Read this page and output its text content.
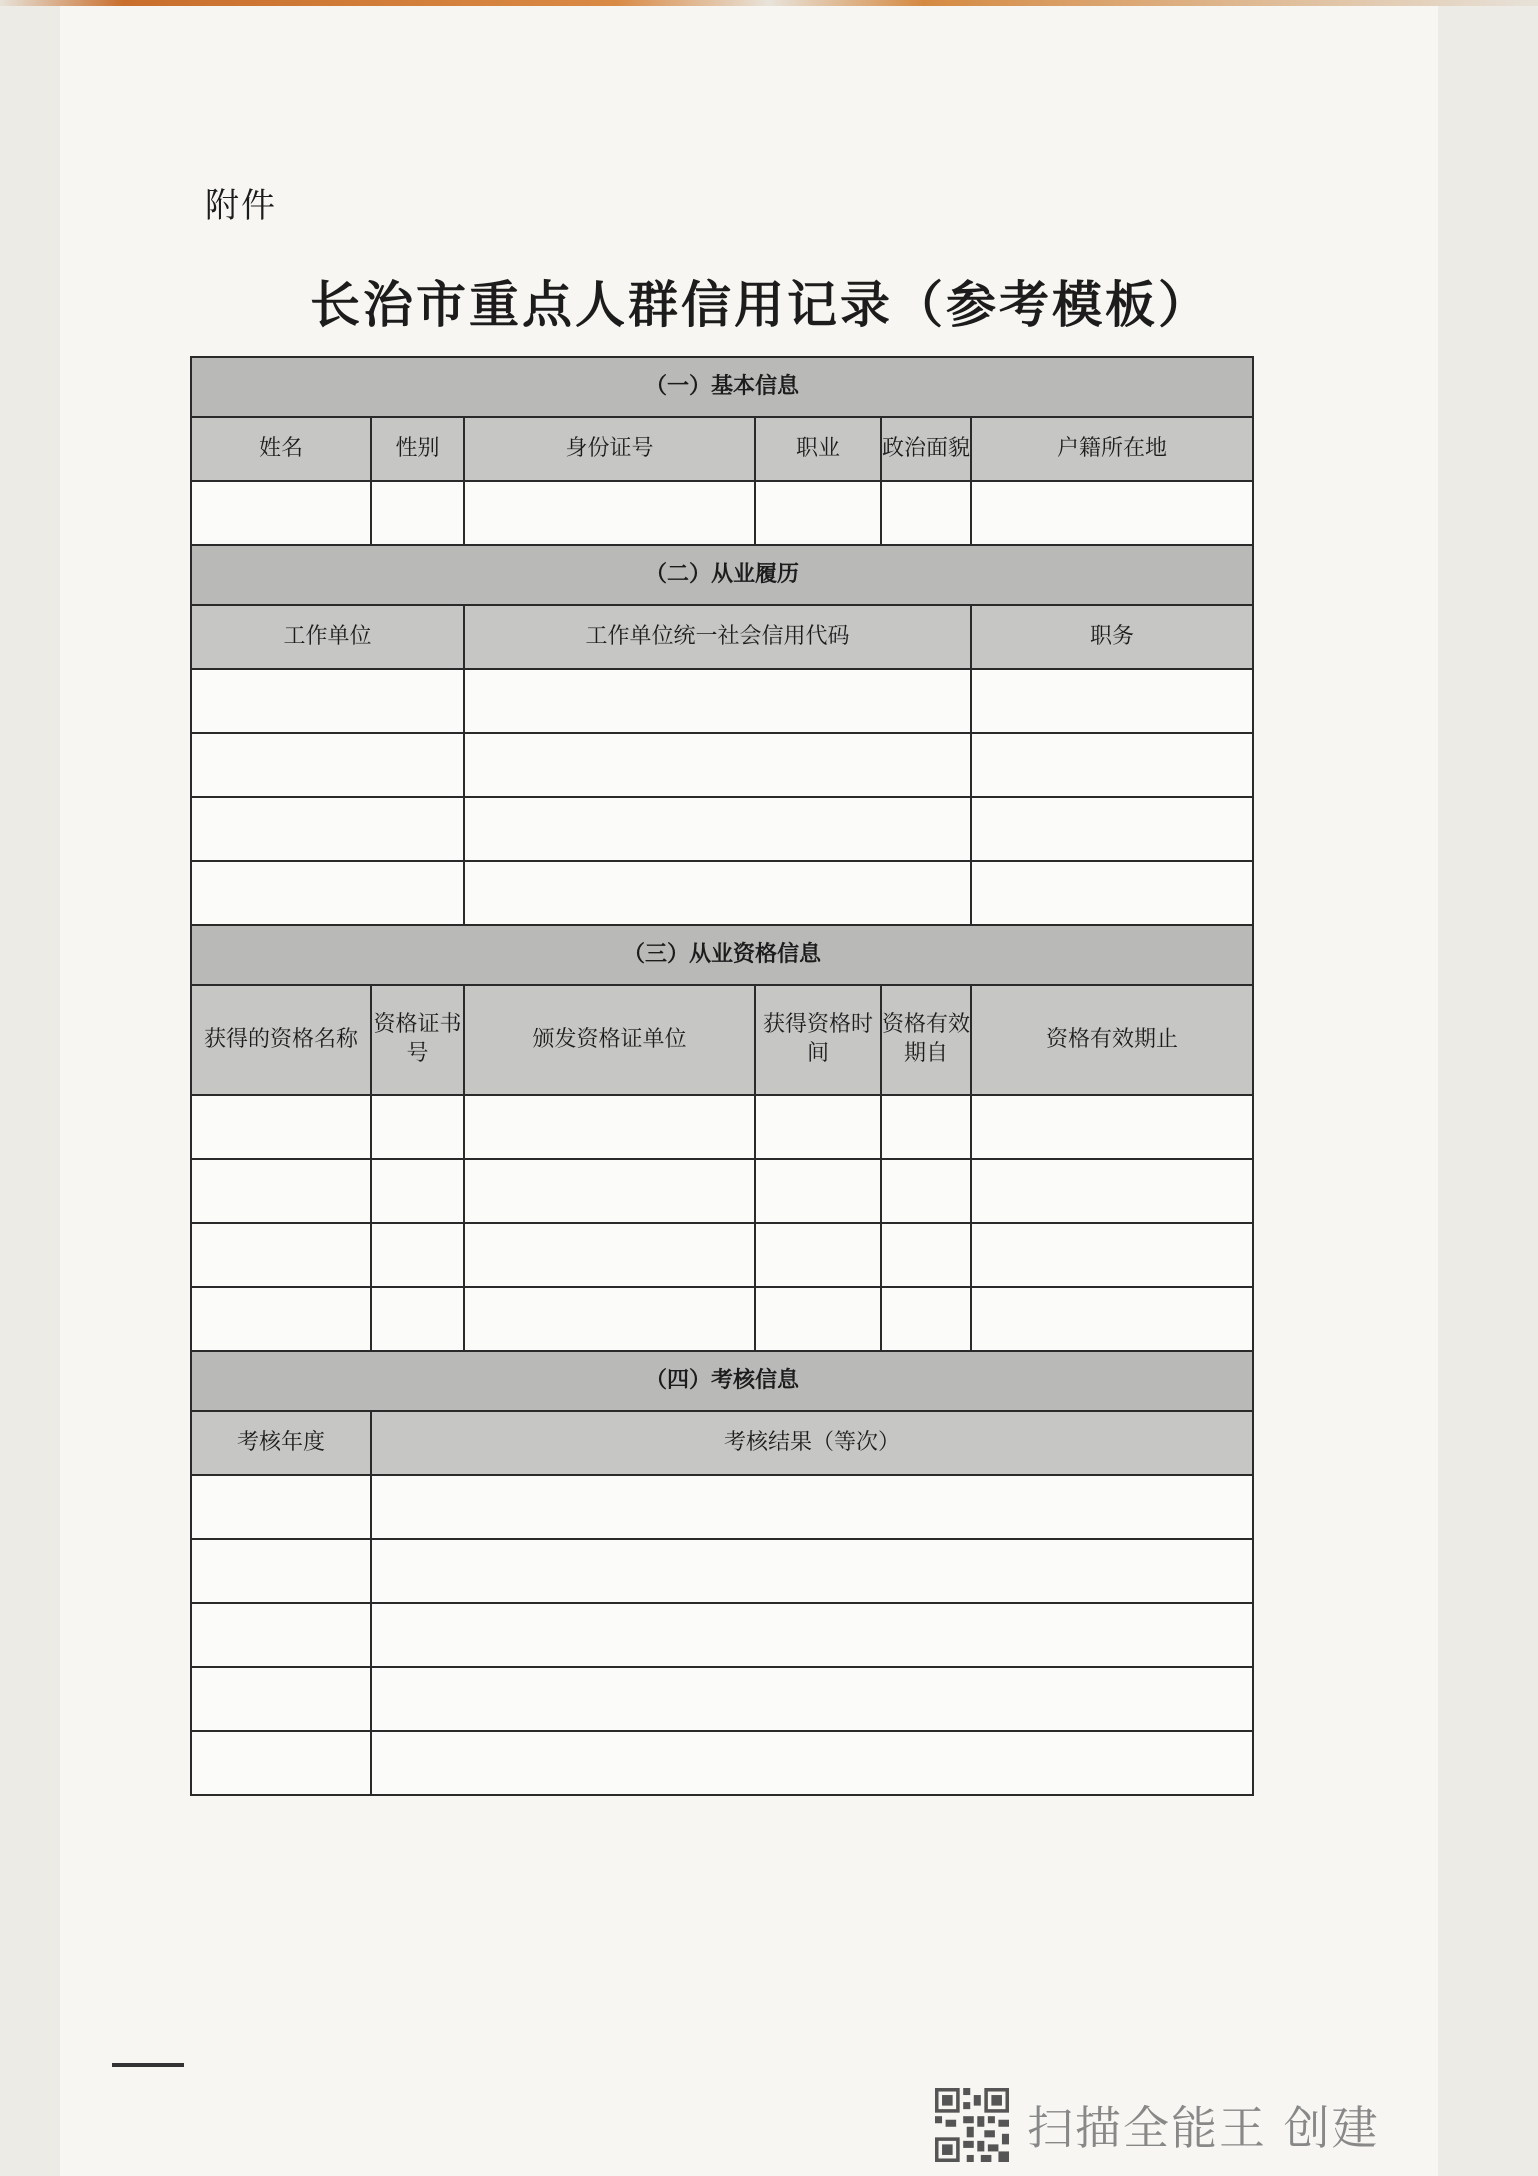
附件
长治市重点人群信用记录（参考模板）
（一）基本信息					
姓名	性别	身份证号	职业	政治面貌	户籍所在地

（二）从业履历					
工作单位		工作单位统一社会信用代码			职务

（三）从业资格信息					
获得的资格名称	资格证书号	颁发资格证单位	获得资格时间	资格有效期自	资格有效期止

（四）考核信息					
考核年度	考核结果（等次）				

扫描全能王 创建
